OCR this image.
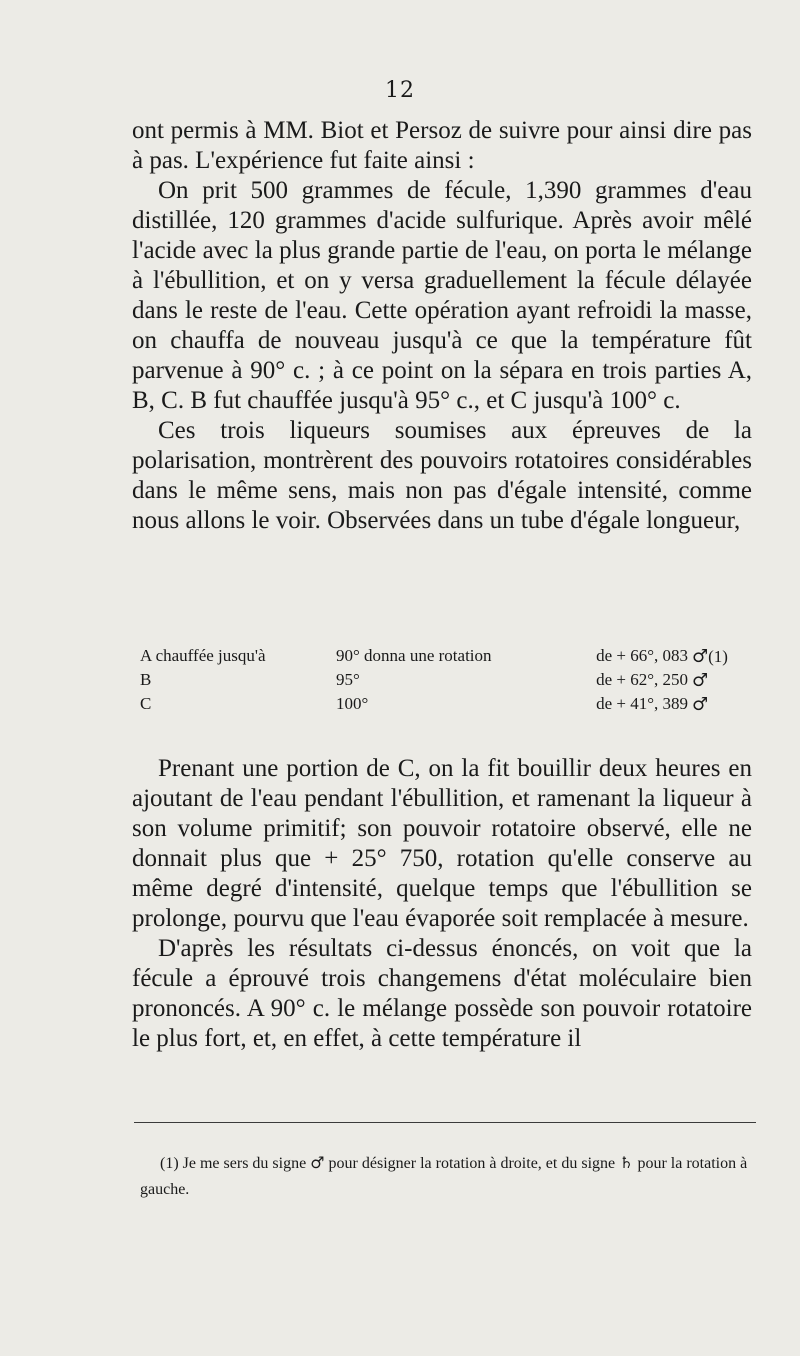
12

ont permis à MM. Biot et Persoz de suivre pour ainsi dire pas à pas. L'expérience fut faite ainsi :

On prit 500 grammes de fécule, 1,390 grammes d'eau distillée, 120 grammes d'acide sulfurique. Après avoir mêlé l'acide avec la plus grande partie de l'eau, on porta le mélange à l'ébullition, et on y versa graduellement la fécule délayée dans le reste de l'eau. Cette opération ayant refroidi la masse, on chauffa de nouveau jusqu'à ce que la température fût parvenue à 90° c. ; à ce point on la sépara en trois parties A, B, C. B fut chauffée jusqu'à 95° c., et C jusqu'à 100° c.

Ces trois liqueurs soumises aux épreuves de la polarisation, montrèrent des pouvoirs rotatoires considérables dans le même sens, mais non pas d'égale intensité, comme nous allons le voir. Observées dans un tube d'égale longueur,

A chauffée jusqu'à	90° donna une rotation	de + 66°, 083 ♂(1)
B	95°	de + 62°, 250 ♂
C	100°	de + 41°, 389 ♂

Prenant une portion de C, on la fit bouillir deux heures en ajoutant de l'eau pendant l'ébullition, et ramenant la liqueur à son volume primitif; son pouvoir rotatoire observé, elle ne donnait plus que + 25° 750, rotation qu'elle conserve au même degré d'intensité, quelque temps que l'ébullition se prolonge, pourvu que l'eau évaporée soit remplacée à mesure.

D'après les résultats ci-dessus énoncés, on voit que la fécule a éprouvé trois changemens d'état moléculaire bien prononcés. A 90° c. le mélange possède son pouvoir rotatoire le plus fort, et, en effet, à cette température il

(1) Je me sers du signe ♂ pour désigner la rotation à droite, et du signe ♄ pour la rotation à gauche.
